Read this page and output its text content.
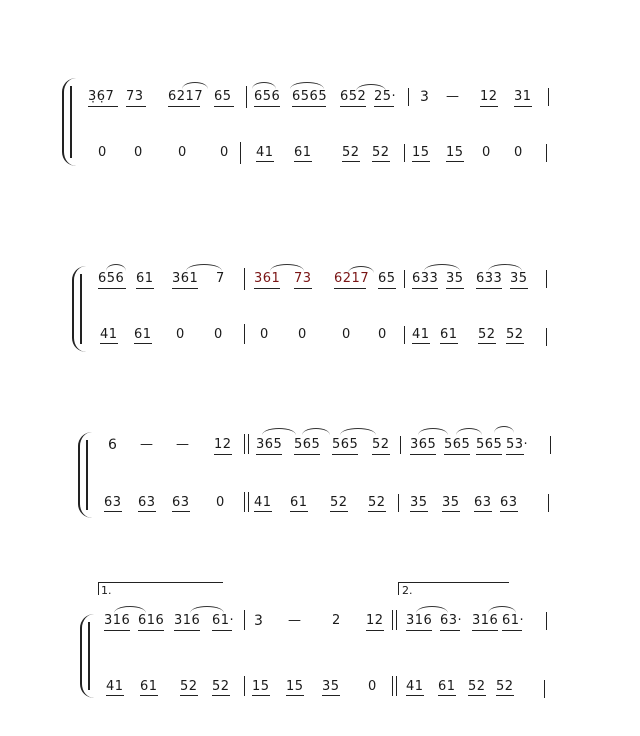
3̣6̣7 73 6217 65 656 6565 652 25· 3 — 12 31
0 0	0	0 41 61 52 52 15 15 0 0
656 61 361 7 361 73 6217 65 633 35 633 35
41 61 0 0	0 0	0 0 41 61 52 52
6 — — 12 365 565 565 52 365 565 565 53·
63 63 63 0 41 61 52 52 35 35 63 63
1.	2.
316 616 316 61· 3 — 2 12 316 63· 316 61·
41 61 52 52 15 15 35 0 41 61 52 52
